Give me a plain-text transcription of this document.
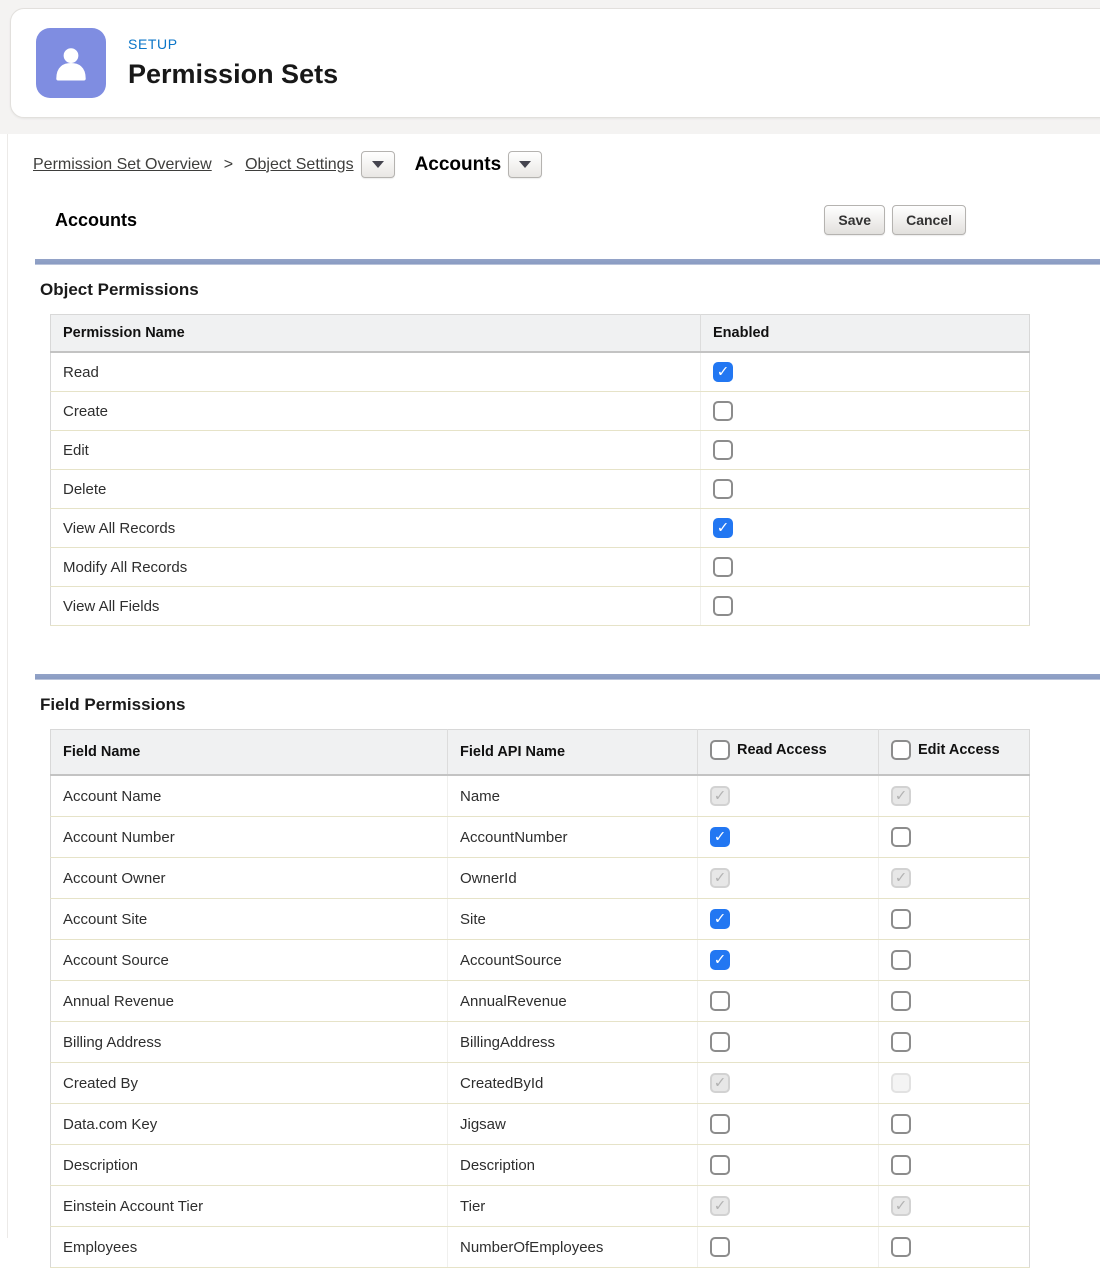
SETUP
Permission Sets
Permission Set Overview > Object Settings	Accounts
Accounts	Save	Cancel
Object Permissions
Permission Name	Enabled
Read	✓
Create	
Edit	
Delete	
View All Records	✓
Modify All Records	
View All Fields	
Field Permissions
Field Name	Field API Name	Read Access	Edit Access

Account Name	Name	✓	✓
Account Number	AccountNumber	✓	
Account Owner	OwnerId	✓	✓
Account Site	Site	✓	
Account Source	AccountSource	✓	
Annual Revenue	AnnualRevenue		
Billing Address	BillingAddress		
Created By	CreatedById	✓	
Data.com Key	Jigsaw		
Description	Description		
Einstein Account Tier	Tier	✓	✓
Employees	NumberOfEmployees		
